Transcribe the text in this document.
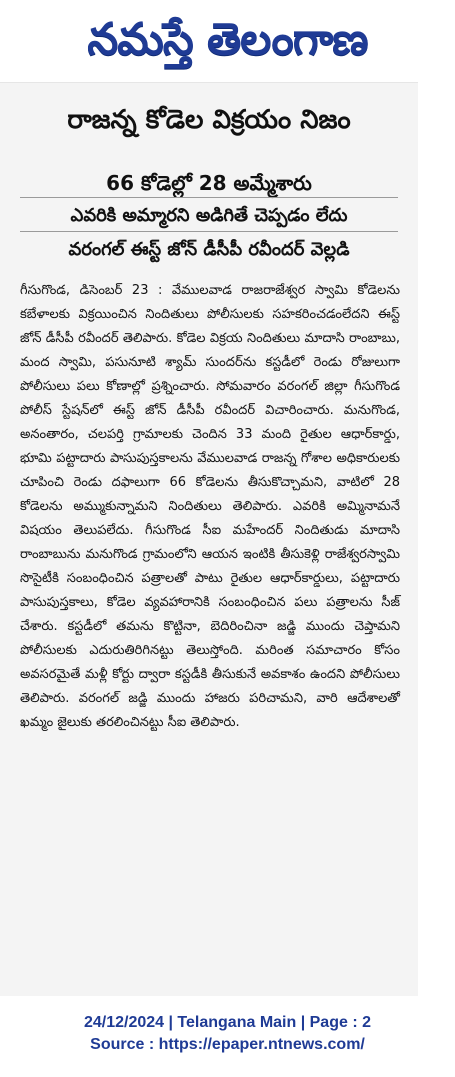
నమస్తే తెలంగాణ
రాజన్న కోడెల విక్రయం నిజం
66 కోడెల్లో 28 అమ్మేశారు
ఎవరికి అమ్మారని అడిగితే చెప్పడం లేదు
వరంగల్ ఈస్ట్ జోన్ డీసీపీ రవీందర్ వెల్లడి

గీసుగొండ, డిసెంబర్ 23 : వేములవాడ రాజరాజేశ్వర స్వామి కోడెలను కబేళాలకు విక్రయించిన నిందితులు పోలీసులకు సహకరించడంలేదని ఈస్ట్ జోన్ డీసీపీ రవీందర్ తెలిపారు. కోడెల విక్రయ నిందితులు మాదాసి రాంబాబు, మంద స్వామి, పసునూటి శ్యామ్ సుందర్‌ను కస్టడీలో రెండు రోజులుగా పోలీసులు పలు కోణాల్లో ప్రశ్నించారు. సోమవారం వరంగల్ జిల్లా గీసుగొండ పోలీస్ స్టేషన్‌లో ఈస్ట్ జోన్ డీసీపీ రవీందర్ విచారించారు. మనుగొండ, అనంతారం, చలపర్తి గ్రామాలకు చెందిన 33 మంది రైతుల ఆధార్‌కార్డు, భూమి పట్టాదారు పాసుపుస్తకాలను వేములవాడ రాజన్న గోశాల అధికారులకు చూపించి రెండు దఫాలుగా 66 కోడెలను తీసుకొచ్చామని, వాటిలో 28 కోడెలను అమ్ముకున్నామని నిందితులు తెలిపారు. ఎవరికి అమ్మినామనే విషయం తెలుపలేదు. గీసుగొండ సీఐ మహేందర్ నిందితుడు మాదాసి రాంబాబును మనుగొండ గ్రామంలోని ఆయన ఇంటికి తీసుకెళ్లి రాజేశ్వరస్వామి సొసైటీకి సంబంధించిన పత్రాలతో పాటు రైతుల ఆధార్‌కార్డులు, పట్టాదారు పాసుపుస్తకాలు, కోడెల వ్యవహారానికి సంబంధించిన పలు పత్రాలను సీజ్ చేశారు. కస్టడీలో తమను కొట్టినా, బెదిరించినా జడ్జి ముందు చెప్తామని పోలీసులకు ఎదురుతిరిగినట్టు తెలుస్తోంది. మరింత సమాచారం కోసం అవసరమైతే మళ్లీ కోర్టు ద్వారా కస్టడీకి తీసుకునే అవకాశం ఉందని పోలీసులు తెలిపారు. వరంగల్ జడ్జి ముందు హాజరు పరిచామని, వారి ఆదేశాలతో ఖమ్మం జైలుకు తరలించినట్టు సీఐ తెలిపారు.

24/12/2024 | Telangana Main | Page : 2
Source : https://epaper.ntnews.com/
